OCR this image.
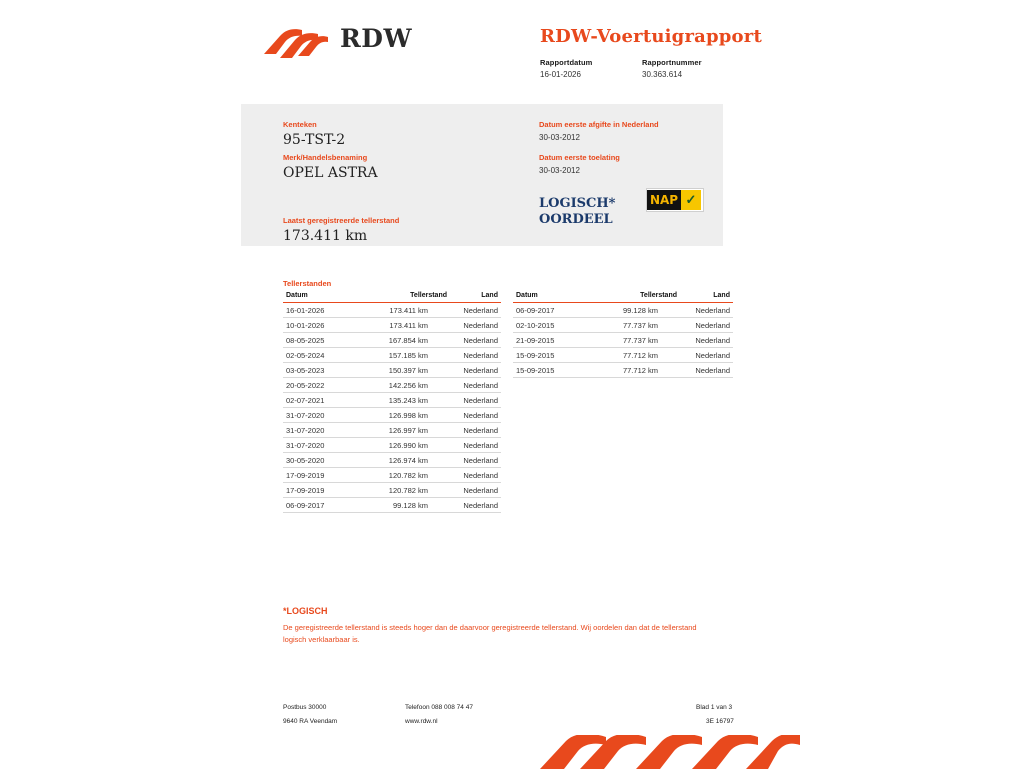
RDW	RDW-Voertuigrapport
Rapportdatum
16-01-2026
Rapportnummer
30.363.614
Kenteken
95-TST-2
Merk/Handelsbenaming
OPEL ASTRA
Laatst geregistreerde tellerstand
173.411 km
Datum eerste afgifte in Nederland
30-03-2012
Datum eerste toelating
30-03-2012
LOGISCH*
OORDEEL
NAP ✓
Tellerstanden
Datum	Tellerstand	Land
16-01-2026	173.411 km	Nederland
10-01-2026	173.411 km	Nederland
08-05-2025	167.854 km	Nederland
02-05-2024	157.185 km	Nederland
03-05-2023	150.397 km	Nederland
20-05-2022	142.256 km	Nederland
02-07-2021	135.243 km	Nederland
31-07-2020	126.998 km	Nederland
31-07-2020	126.997 km	Nederland
31-07-2020	126.990 km	Nederland
30-05-2020	126.974 km	Nederland
17-09-2019	120.782 km	Nederland
17-09-2019	120.782 km	Nederland
06-09-2017	99.128 km	Nederland
Datum	Tellerstand	Land
06-09-2017	99.128 km	Nederland
02-10-2015	77.737 km	Nederland
21-09-2015	77.737 km	Nederland
15-09-2015	77.712 km	Nederland
15-09-2015	77.712 km	Nederland
*LOGISCH
De geregistreerde tellerstand is steeds hoger dan de daarvoor geregistreerde tellerstand. Wij oordelen dan dat de tellerstand logisch verklaarbaar is.
Postbus 30000
9640 RA Veendam
Telefoon 088 008 74 47
www.rdw.nl
Blad 1 van 3
3E 16797
